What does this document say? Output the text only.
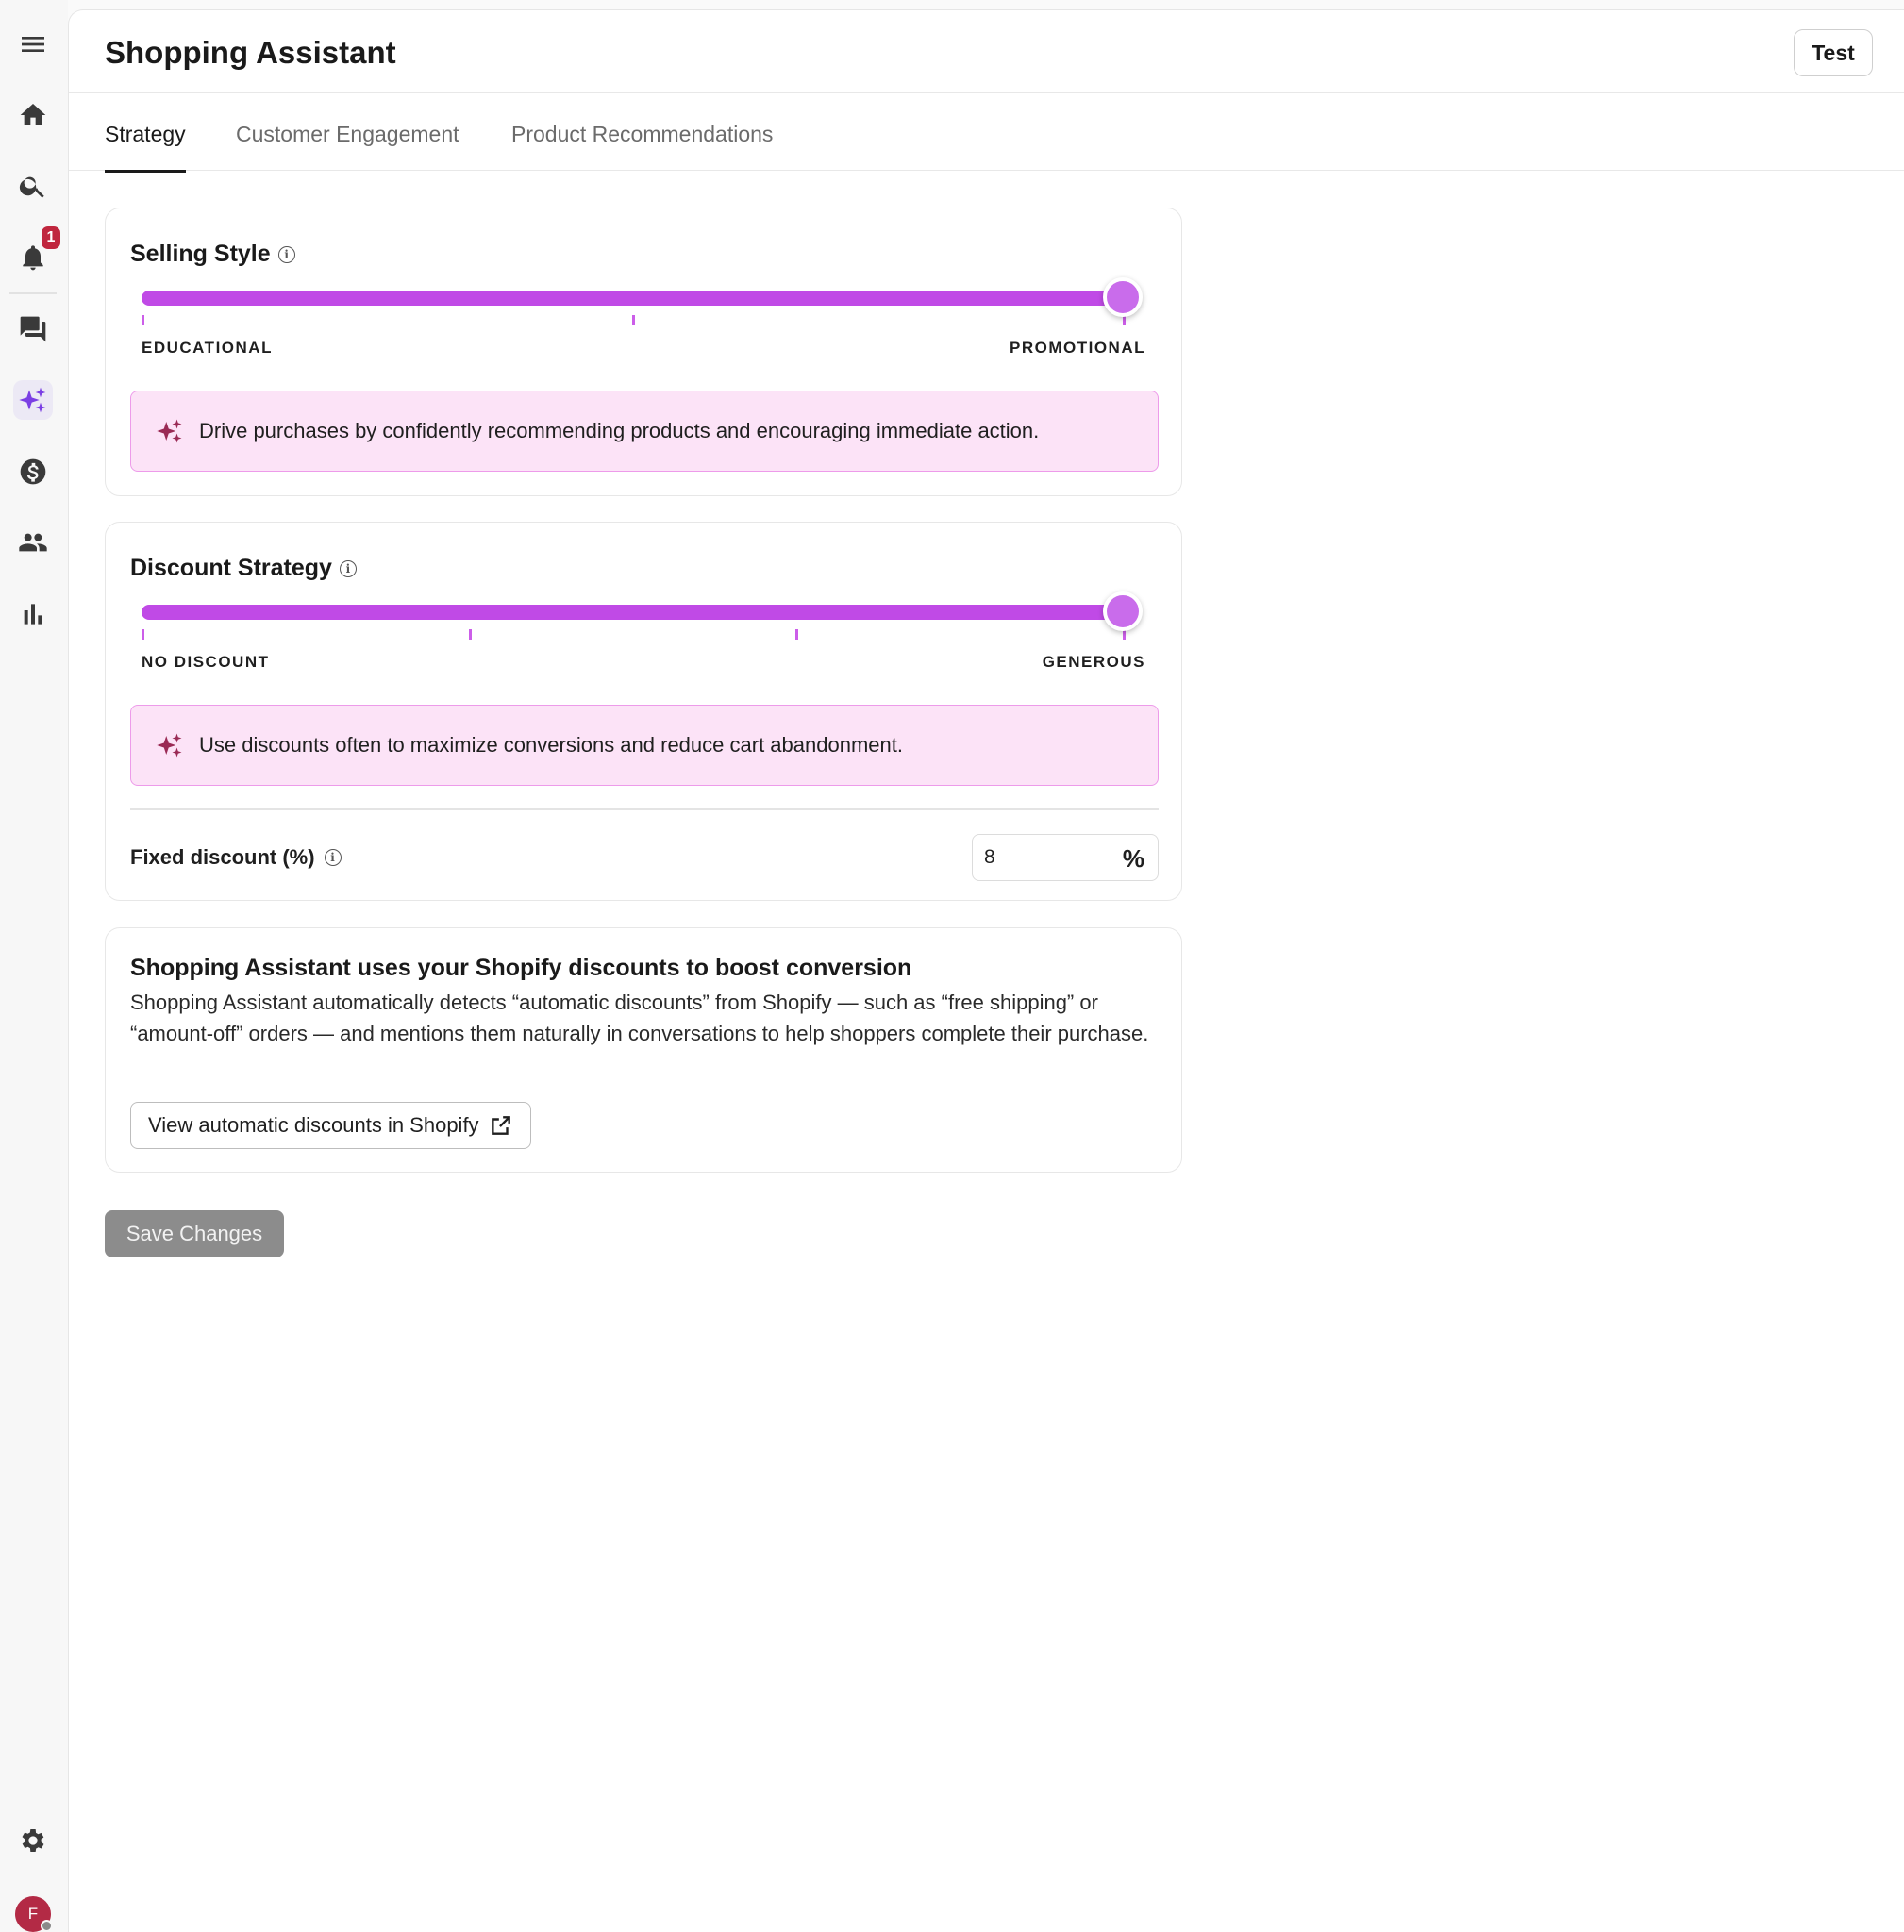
1
F
Shopping Assistant	Test
Strategy Customer Engagement Product Recommendations
Selling Style	i
EDUCATIONAL	PROMOTIONAL
Drive purchases by confidently recommending products and encouraging immediate action.
Discount Strategy	i
NO DISCOUNT	GENEROUS
Use discounts often to maximize conversions and reduce cart abandonment.
Fixed discount (%)	i
8	%
Shopping Assistant uses your Shopify discounts to boost conversion

Shopping Assistant automatically detects “automatic discounts” from Shopify — such as “free shipping” or “amount-off” orders — and mentions them naturally in conversations to help shoppers complete their purchase.

View automatic discounts in Shopify
Save Changes
